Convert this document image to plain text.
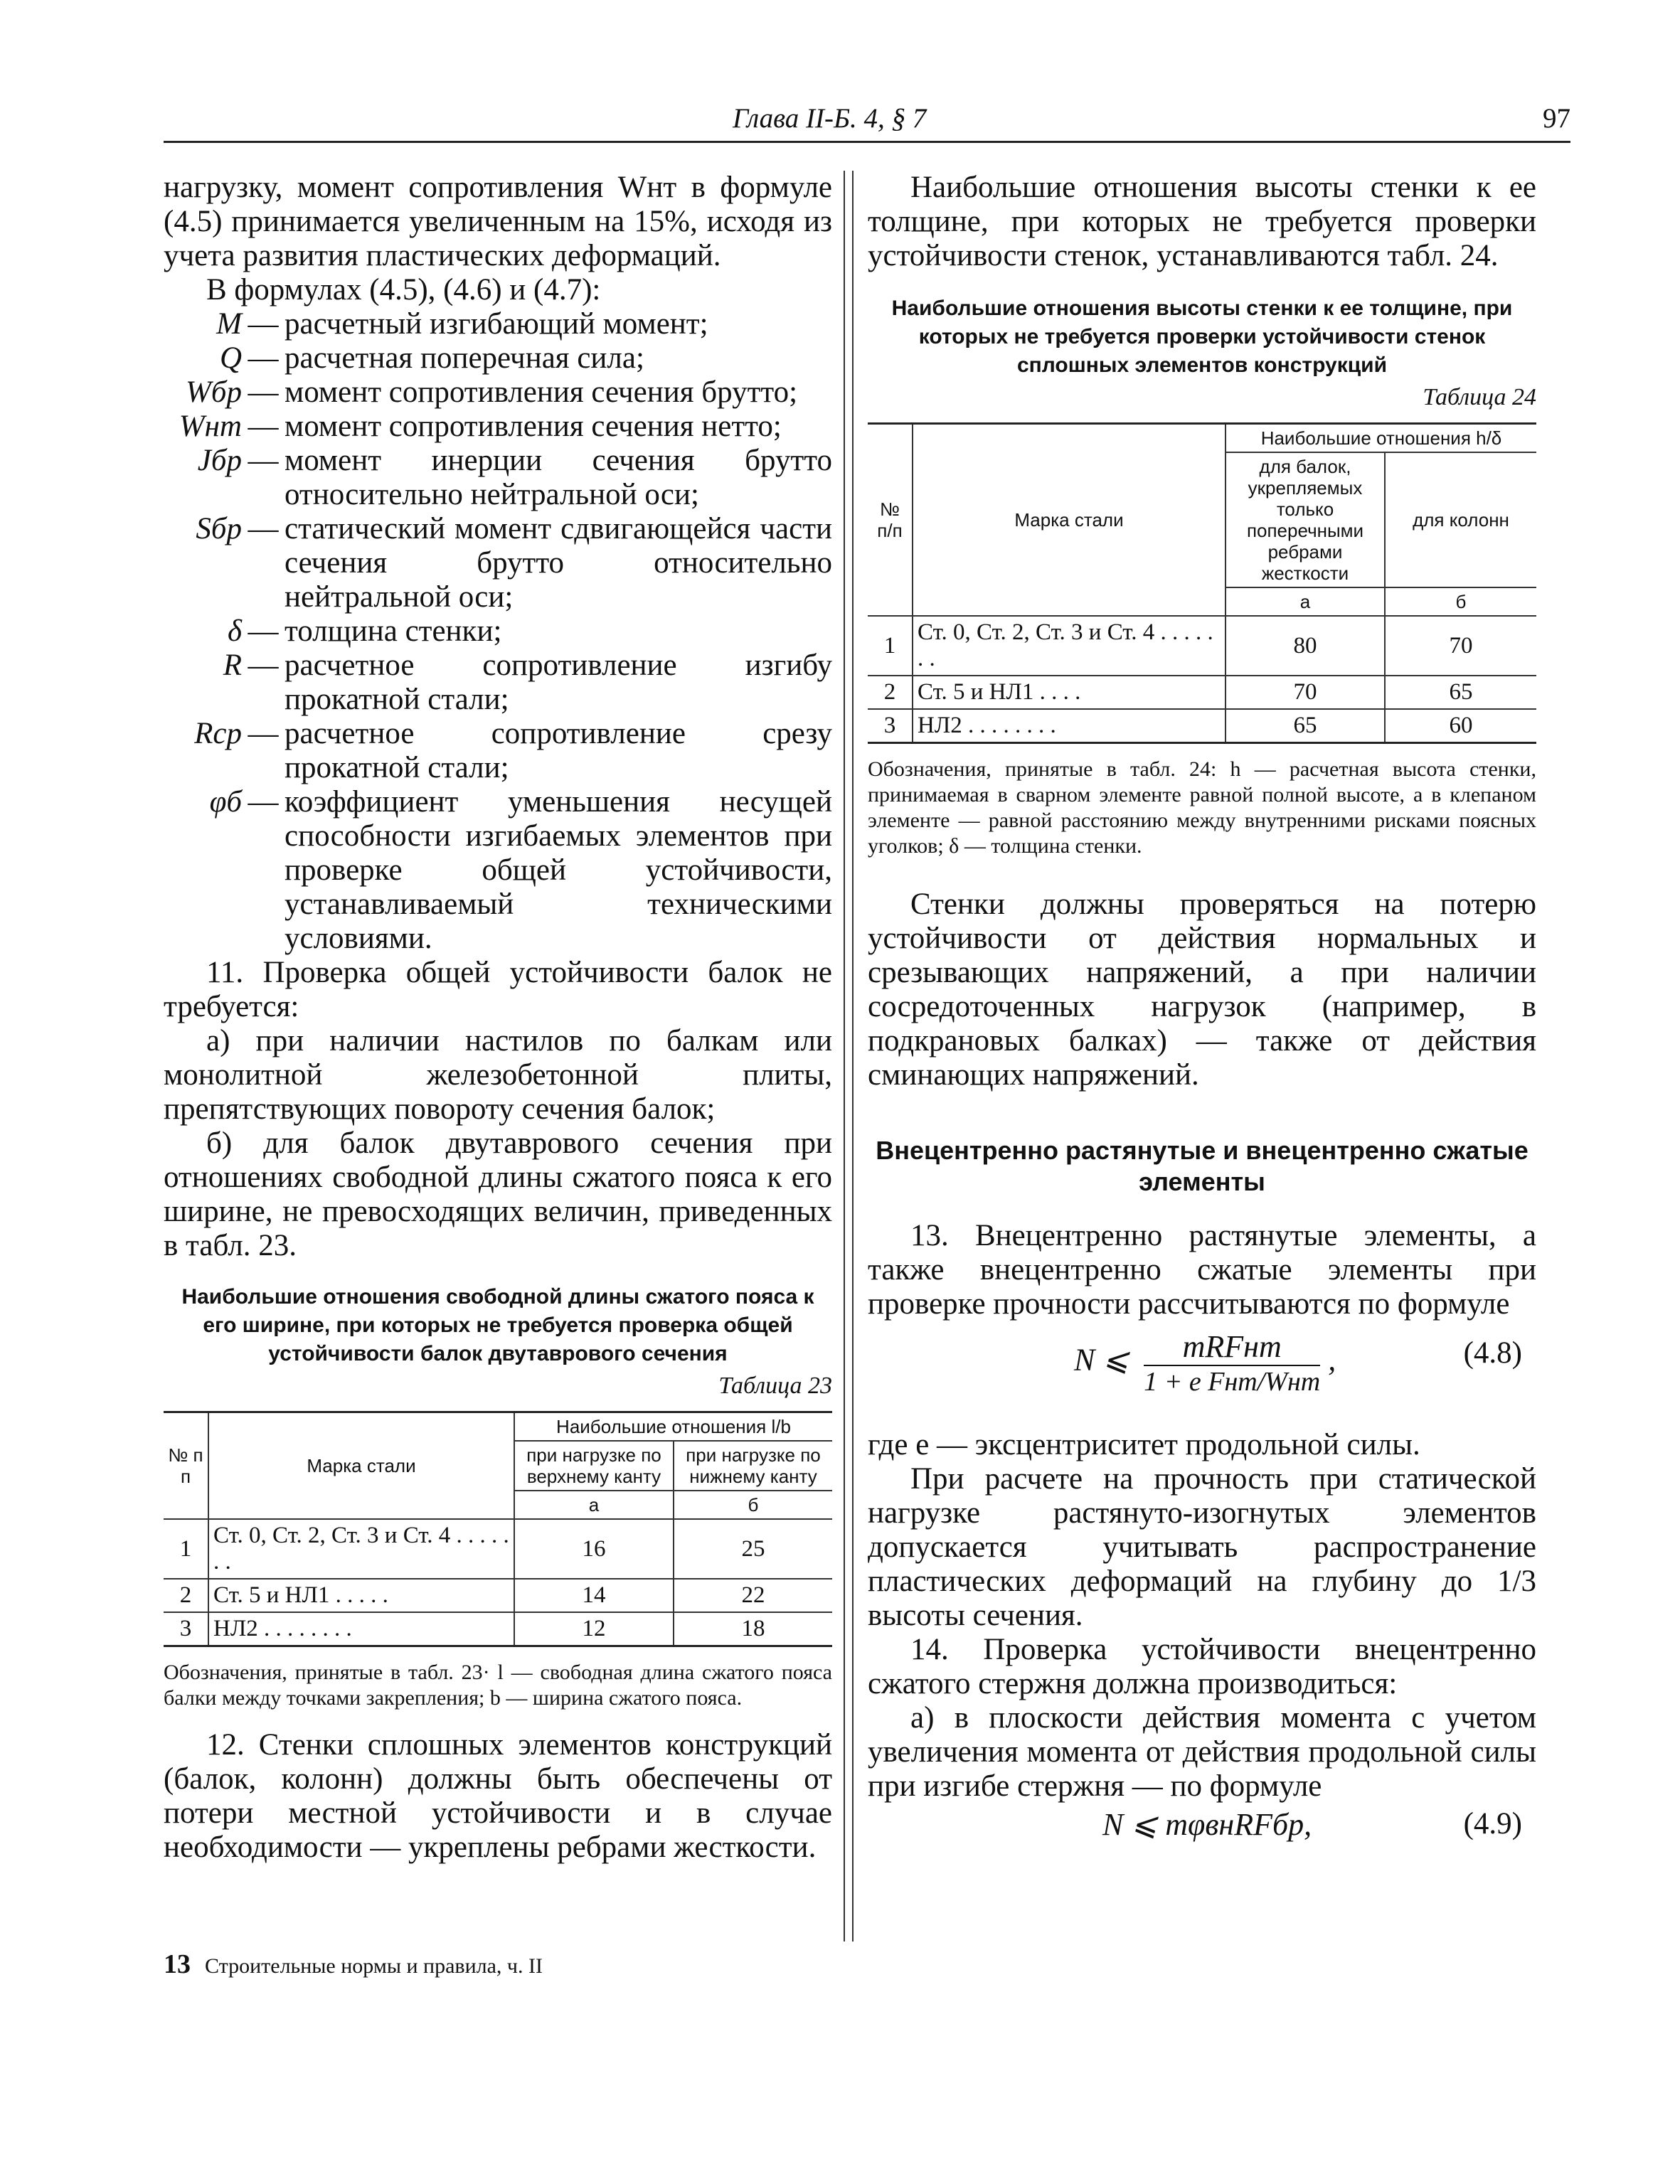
Глава II-Б. 4, § 7	97

нагрузку, момент сопротивления Wнт в формуле (4.5) принимается увеличенным на 15%, исходя из учета развития пластических деформаций.

В формулах (4.5), (4.6) и (4.7):

M — расчетный изгибающий момент;
Q — расчетная поперечная сила;
Wбр — момент сопротивления сечения брутто;
Wнт — момент сопротивления сечения нетто;
Jбр — момент инерции сечения брутто относительно нейтральной оси;
Sбр — статический момент сдвигающейся части сечения брутто относительно нейтральной оси;
δ — толщина стенки;
R — расчетное сопротивление изгибу прокатной стали;
Rср — расчетное сопротивление срезу прокатной стали;
φб — коэффициент уменьшения несущей способности изгибаемых элементов при проверке общей устойчивости, устанавливаемый техническими условиями.

11. Проверка общей устойчивости балок не требуется:

а) при наличии настилов по балкам или монолитной железобетонной плиты, препятствующих повороту сечения балок;

б) для балок двутаврового сечения при отношениях свободной длины сжатого пояса к его ширине, не превосходящих величин, приведенных в табл. 23.

Наибольшие отношения свободной длины сжатого пояса к его ширине, при которых не требуется проверка общей устойчивости балок двутаврового сечения

Таблица 23

№ п п	Марка стали	Наибольшие отношения l/b	
		при нагрузке по верхнему канту	при нагрузке по нижнему канту
		а	б
1	Ст. 0, Ст. 2, Ст. 3 и Ст. 4 . . . . . . .	16	25
2	Ст. 5 и НЛ1 . . . . .	14	22
3	НЛ2 . . . . . . . .	12	18

Обозначения, принятые в табл. 23· l — свободная длина сжатого пояса балки между точками закрепления; b — ширина сжатого пояса.

12. Стенки сплошных элементов конструкций (балок, колонн) должны быть обеспечены от потери местной устойчивости и в случае необходимости — укреплены ребрами жесткости.

Наибольшие отношения высоты стенки к ее толщине, при которых не требуется проверки устойчивости стенок, устанавливаются табл. 24.

Наибольшие отношения высоты стенки к ее толщине, при которых не требуется проверки устойчивости стенок сплошных элементов конструкций

Таблица 24

№ п/п	Марка стали	Наибольшие отношения h/δ	
		для балок, укрепляемых только поперечными ребрами жесткости	для колонн
		а	б
1	Ст. 0, Ст. 2, Ст. 3 и Ст. 4 . . . . . . .	80	70
2	Ст. 5 и НЛ1 . . . .	70	65
3	НЛ2 . . . . . . . .	65	60

Обозначения, принятые в табл. 24: h — расчетная высота стенки, принимаемая в сварном элементе равной полной высоте, а в клепаном элементе — равной расстоянию между внутренними рисками поясных уголков; δ — толщина стенки.

Стенки должны проверяться на потерю устойчивости от действия нормальных и срезывающих напряжений, а при наличии сосредоточенных нагрузок (например, в подкрановых балках) — также от действия сминающих напряжений.

Внецентренно растянутые и внецентренно сжатые элементы

13. Внецентренно растянутые элементы, а также внецентренно сжатые элементы при проверке прочности рассчитываются по формуле

N ⩽	mRFнт
1 + e Fнт/Wнт
,	(4.8)

где e — эксцентриситет продольной силы.

При расчете на прочность при статической нагрузке растянуто-изогнутых элементов допускается учитывать распространение пластических деформаций на глубину до 1/3 высоты сечения.

14. Проверка устойчивости внецентренно сжатого стержня должна производиться:

а) в плоскости действия момента с учетом увеличения момента от действия продольной силы при изгибе стержня — по формуле

N ⩽ mφвнRFбр,	(4.9)
13 Строительные нормы и правила, ч. II
